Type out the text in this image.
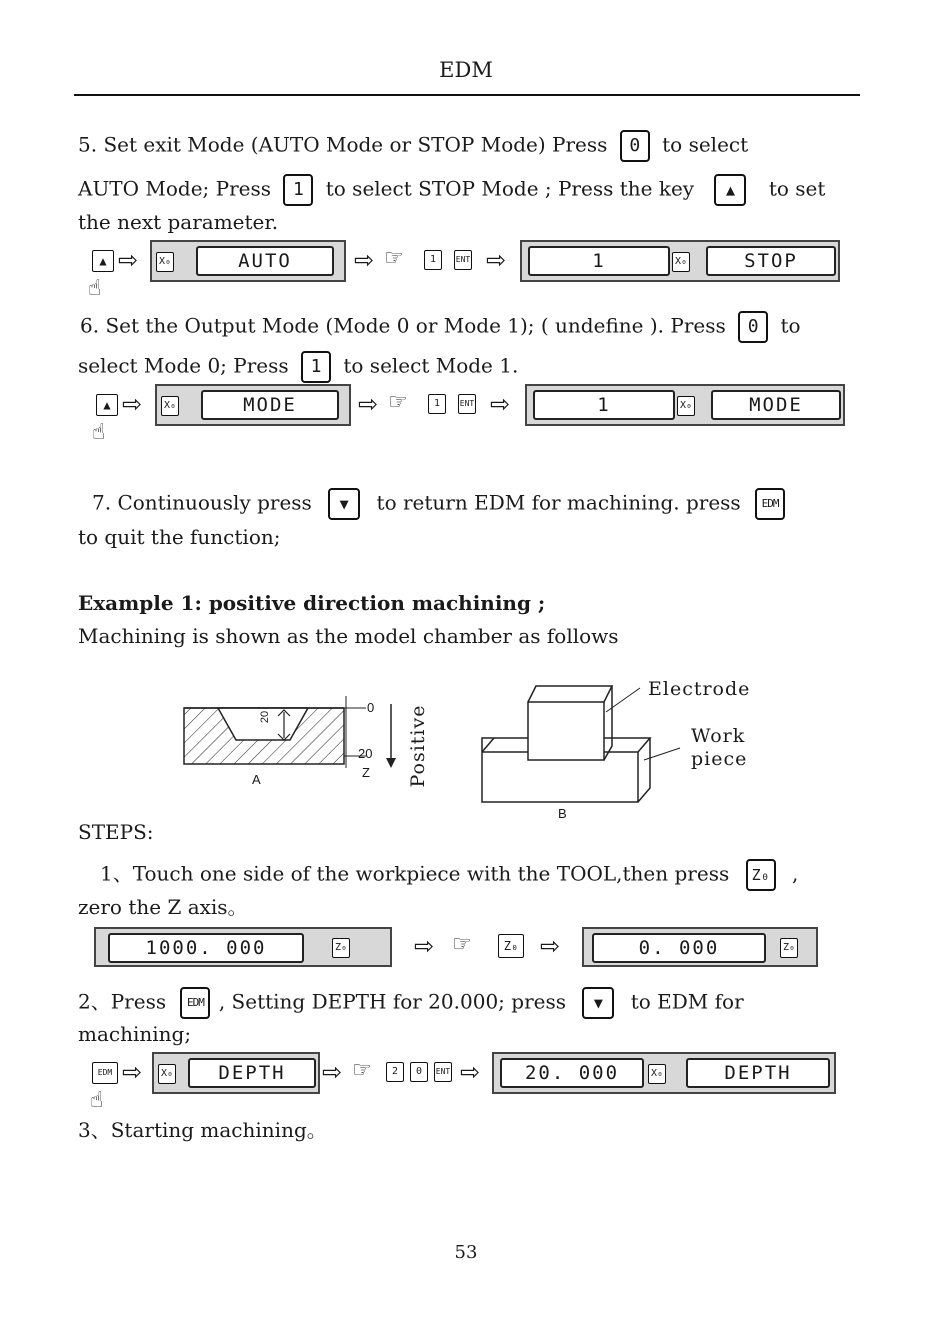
EDM
5. Set exit Mode (AUTO Mode or STOP Mode) Press 0 to select
AUTO Mode; Press 1 to select STOP Mode ; Press the key ▲ to set
the next parameter.
▲ ⇨
☝
X₀	AUTO	⇨ ☞	1	ENT ⇨	1	X₀	STOP
6. Set the Output Mode (Mode 0 or Mode 1); ( undefine ). Press 0 to
select Mode 0; Press 1 to select Mode 1.
▲ ⇨
☝
X₀	MODE	⇨ ☞	1	ENT ⇨	1	X₀	MODE
7. Continuously press ▼ to return EDM for machining. press EDM
to quit the function;
Example 1: positive direction machining ;
Machining is shown as the model chamber as follows
20
0
20
Z
A	Positive
Electrode
Work
piece
B
STEPS:
1、Touch one side of the workpiece with the TOOL,then press Z₀ ,
zero the Z axis。
1000. 000	Z₀	⇨ ☞	Z₀ ⇨	0. 000	Z₀
2、Press EDM , Setting DEPTH for 20.000; press ▼ to EDM for
machining;
EDM ⇨
☝
X₀	DEPTH	⇨ ☞	2	0	ENT ⇨	20. 000	X₀	DEPTH
3、Starting machining。
53
